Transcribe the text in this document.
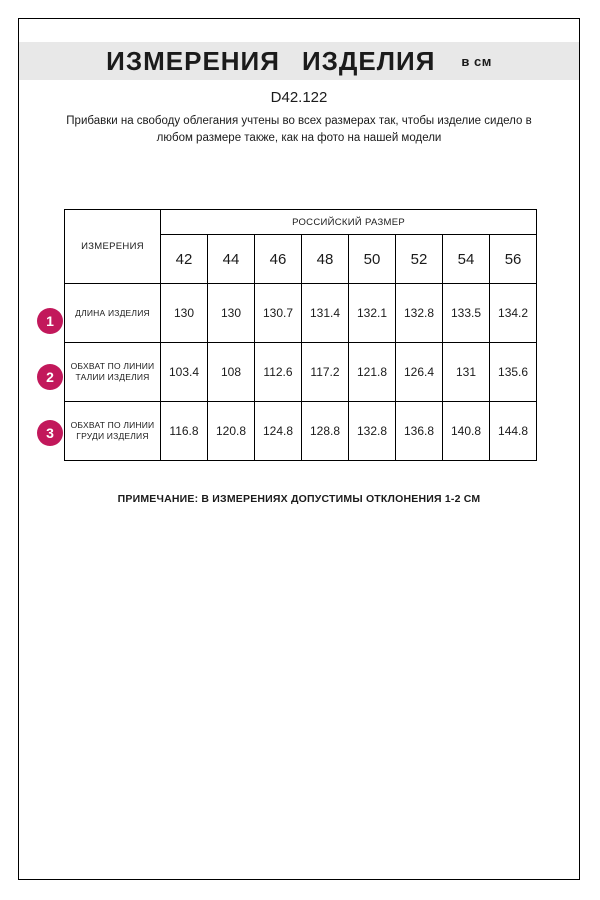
ИЗМЕРЕНИЯ ИЗДЕЛИЯ в см
D42.122
Прибавки на свободу облегания учтены во всех размерах так, чтобы изделие сидело в любом размере также, как на фото на нашей модели
ИЗМЕРЕНИЯ	РОССИЙСКИЙ РАЗМЕР							
	42	44	46	48	50	52	54	56
ДЛИНА ИЗДЕЛИЯ	130	130	130.7	131.4	132.1	132.8	133.5	134.2
ОБХВАТ ПО ЛИНИИ ТАЛИИ ИЗДЕЛИЯ	103.4	108	112.6	117.2	121.8	126.4	131	135.6
ОБХВАТ ПО ЛИНИИ ГРУДИ ИЗДЕЛИЯ	116.8	120.8	124.8	128.8	132.8	136.8	140.8	144.8
1
2
3
ПРИМЕЧАНИЕ: В ИЗМЕРЕНИЯХ ДОПУСТИМЫ ОТКЛОНЕНИЯ 1-2 СМ
